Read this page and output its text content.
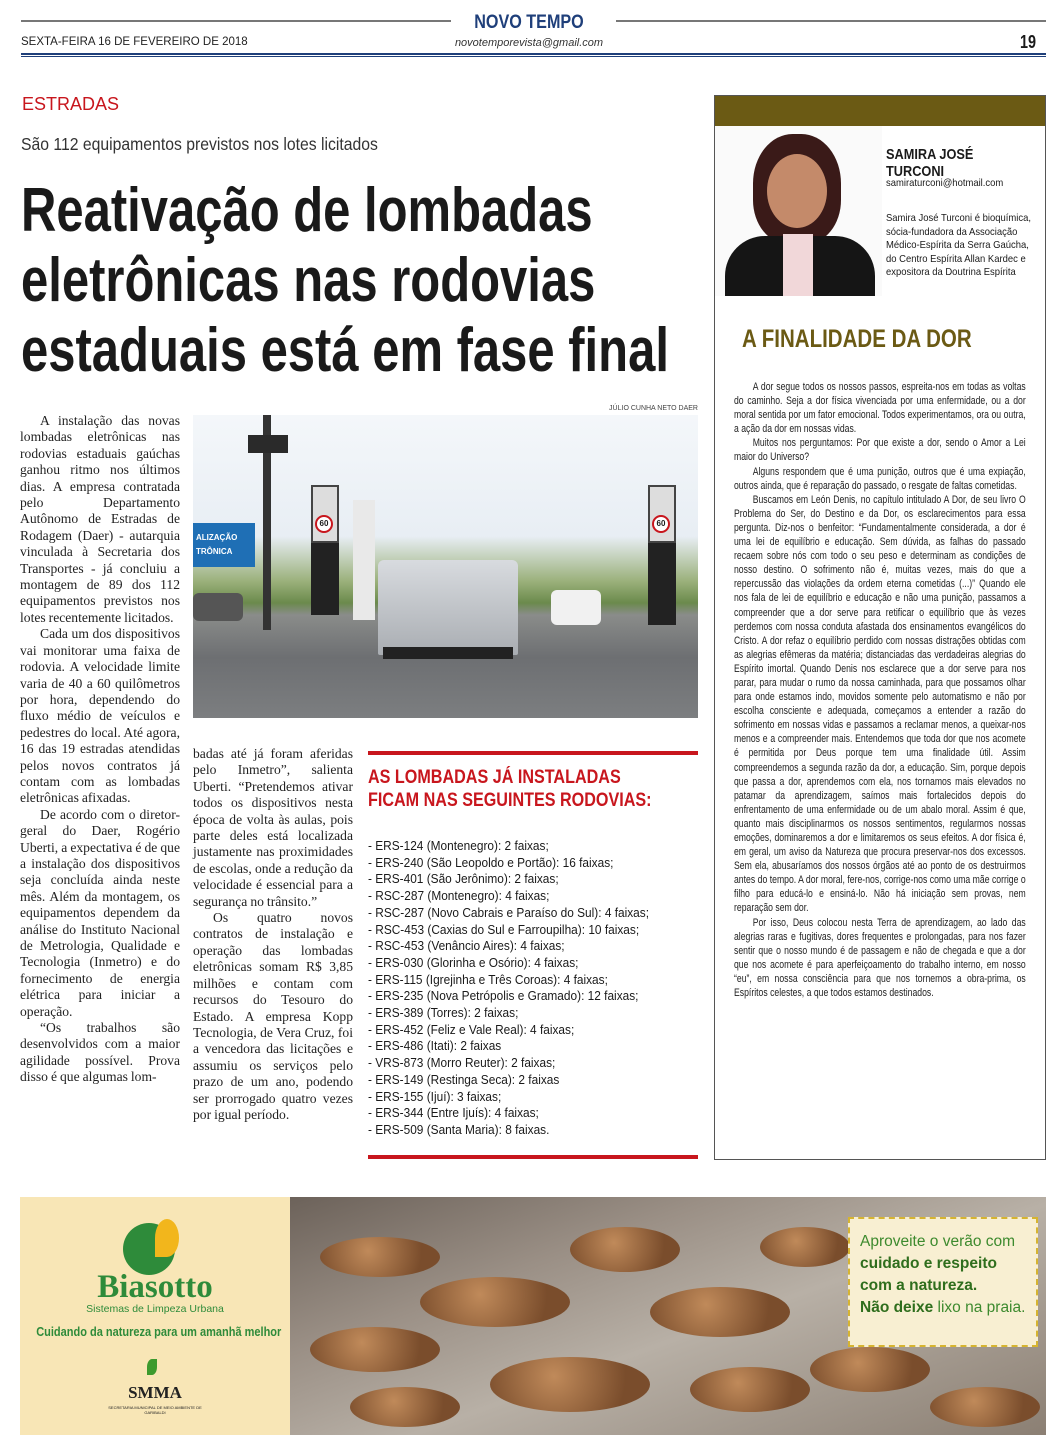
NOVO TEMPO
novotemporevista@gmail.com
SEXTA-FEIRA 16 DE FEVEREIRO DE 2018	19
ESTRADAS
São 112 equipamentos previstos nos lotes licitados
Reativação de lombadas eletrônicas nas rodovias estaduais está em fase final

A instalação das novas lombadas eletrônicas nas rodovias estaduais gaúchas ganhou ritmo nos últimos dias. A empresa contratada pelo Departamento Autônomo de Estradas de Rodagem (Daer) - autarquia vinculada à Secretaria dos Transportes - já concluiu a montagem de 89 dos 112 equipamentos previstos nos lotes recentemente licitados.

Cada um dos dispositivos vai monitorar uma faixa de rodovia. A velocidade limite varia de 40 a 60 quilômetros por hora, dependendo do fluxo médio de veículos e pedestres do local. Até agora, 16 das 19 estradas atendidas pelos novos contratos já contam com as lombadas eletrônicas afixadas.

De acordo com o diretor-geral do Daer, Rogério Uberti, a expectativa é de que a instalação dos dispositivos seja concluída ainda neste mês. Além da montagem, os equipamentos dependem da análise do Instituto Nacional de Metrologia, Qualidade e Tecnologia (Inmetro) e do fornecimento de energia elétrica para iniciar a operação.

“Os trabalhos são desenvolvidos com a maior agilidade possível. Prova disso é que algumas lom-

badas até já foram aferidas pelo Inmetro”, salienta Uberti. “Pretendemos ativar todos os dispositivos nesta época de volta às aulas, pois parte deles está localizada justamente nas proximidades de escolas, onde a redução da velocidade é essencial para a segurança no trânsito.”

Os quatro novos contratos de instalação e operação das lombadas eletrônicas somam R$ 3,85 milhões e contam com recursos do Tesouro do Estado. A empresa Kopp Tecnologia, de Vera Cruz, foi a vencedora das licitações e assumiu os serviços pelo prazo de um ano, podendo ser prorrogado quatro vezes por igual período.

JÚLIO CUNHA NETO DAER
ALIZAÇÃO TRÔNICA
60	60
AS LOMBADAS JÁ INSTALADAS FICAM NAS SEGUINTES RODOVIAS:
- ERS-124 (Montenegro): 2 faixas;
- ERS-240 (São Leopoldo e Portão): 16 faixas;
- ERS-401 (São Jerônimo): 2 faixas;
- RSC-287 (Montenegro): 4 faixas;
- RSC-287 (Novo Cabrais e Paraíso do Sul): 4 faixas;
- RSC-453 (Caxias do Sul e Farroupilha): 10 faixas;
- RSC-453 (Venâncio Aires): 4 faixas;
- ERS-030 (Glorinha e Osório): 4 faixas;
- ERS-115 (Igrejinha e Três Coroas): 4 faixas;
- ERS-235 (Nova Petrópolis e Gramado): 12 faixas;
- ERS-389 (Torres): 2 faixas;
- ERS-452 (Feliz e Vale Real): 4 faixas;
- ERS-486 (Itati): 2 faixas
- VRS-873 (Morro Reuter): 2 faixas;
- ERS-149 (Restinga Seca): 2 faixas
- ERS-155 (Ijuí): 3 faixas;
- ERS-344 (Entre Ijuís): 4 faixas;
- ERS-509 (Santa Maria): 8 faixas.
SAMIRA JOSÉ TURCONI
samiraturconi@hotmail.com
Samira José Turconi é bioquímica, sócia-fundadora da Associação Médico-Espírita da Serra Gaúcha, do Centro Espírita Allan Kardec e expositora da Doutrina Espírita
A FINALIDADE DA DOR

A dor segue todos os nossos passos, espreita-nos em todas as voltas do caminho. Seja a dor física vivenciada por uma enfermidade, ou a dor moral sentida por um fator emocional. Todos experimentamos, ora ou outra, a ação da dor em nossas vidas.

Muitos nos perguntamos: Por que existe a dor, sendo o Amor a Lei maior do Universo?

Alguns respondem que é uma punição, outros que é uma expiação, outros ainda, que é reparação do passado, o resgate de faltas cometidas.

Buscamos em León Denis, no capítulo intitulado A Dor, de seu livro O Problema do Ser, do Destino e da Dor, os esclarecimentos para essa pergunta. Diz-nos o benfeitor: “Fundamentalmente considerada, a dor é uma lei de equilíbrio e educação. Sem dúvida, as falhas do passado recaem sobre nós com todo o seu peso e determinam as condições de nosso destino. O sofrimento não é, muitas vezes, mais do que a repercussão das violações da ordem eterna cometidas (...)” Quando ele nos fala de lei de equilíbrio e educação e não uma punição, passamos a compreender que a dor serve para retificar o equilíbrio que às vezes perdemos com nossa conduta afastada dos ensinamentos evangélicos do Cristo. A dor refaz o equilíbrio perdido com nossas distrações obtidas com as alegrias efêmeras da matéria; distanciadas das verdadeiras alegrias do Espírito imortal. Quando Denis nos esclarece que a dor serve para nos parar, para mudar o rumo da nossa caminhada, para que possamos olhar para onde estamos indo, movidos somente pelo automatismo e não por escolha consciente e adequada, começamos a entender a razão do sofrimento em nossas vidas e passamos a reclamar menos, a queixar-nos menos e a compreender mais. Entendemos que toda dor que nos acomete é permitida por Deus porque tem uma finalidade útil. Assim compreendemos a segunda razão da dor, a educação. Sim, porque depois que passa a dor, aprendemos com ela, nos tornamos mais elevados no patamar da aprendizagem, saímos mais fortalecidos depois do enfrentamento de uma enfermidade ou de um abalo moral. Assim é que, quanto mais disciplinarmos os nossos sentimentos, regularmos nossas emoções, dominaremos a dor e limitaremos os seus efeitos. A dor física é, em geral, um aviso da Natureza que procura preservar-nos dos excessos. Sem ela, abusaríamos dos nossos órgãos até ao ponto de os destruirmos antes do tempo. A dor moral, fere-nos, corrige-nos como uma mãe corrige o filho para educá-lo e ensiná-lo. Não há iniciação sem provas, nem reparação sem dor.

Por isso, Deus colocou nesta Terra de aprendizagem, ao lado das alegrias raras e fugitivas, dores frequentes e prolongadas, para nos fazer sentir que o nosso mundo é de passagem e não de chegada e que a dor que nos acomete é para aperfeiçoamento do trabalho interno, em nosso “eu”, em nossa consciência para que nos tornemos a obra-prima, os Espíritos celestes, a que todos estamos destinados.

Biasotto
Sistemas de Limpeza Urbana
Cuidando da natureza para um amanhã melhor
SMMA
SECRETARIA MUNICIPAL DE MEIO AMBIENTE DE GARIBALDI
Aproveite o verão com
cuidado e respeito com a natureza.
Não deixe lixo na praia.
